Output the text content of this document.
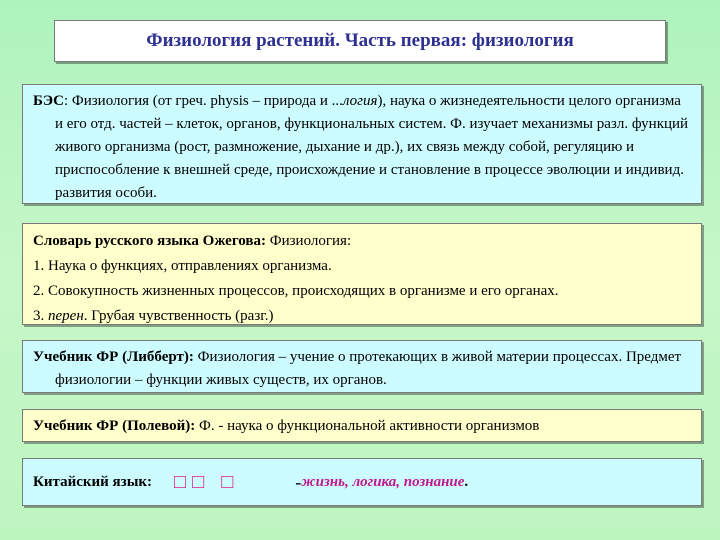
Физиология растений. Часть первая: физиология

БЭС: Физиология (от греч. physis – природа и ...логия), наука о жизнедеятельности целого организма и его отд. частей – клеток, органов, функциональных систем. Ф. изучает механизмы разл. функций живого организма (рост, размножение, дыхание и др.), их связь между собой, регуляцию и приспособление к внешней среде, происхождение и становление в процессе эволюции и индивид. развития особи.

Словарь русского языка Ожегова: Физиология:

1. Наука о функциях, отправлениях организма.

2. Совокупность жизненных процессов, происходящих в организме и его органах.

3. перен. Грубая чувственность (разг.)

Учебник ФР (Либберт): Физиология – учение о протекающих в живой материи процессах. Предмет физиологии – функции живых существ, их органов.

Учебник ФР (Полевой): Ф. - наука о функциональной активности организмов

Китайский язык: □□ □	- жизнь, логика, познание .
